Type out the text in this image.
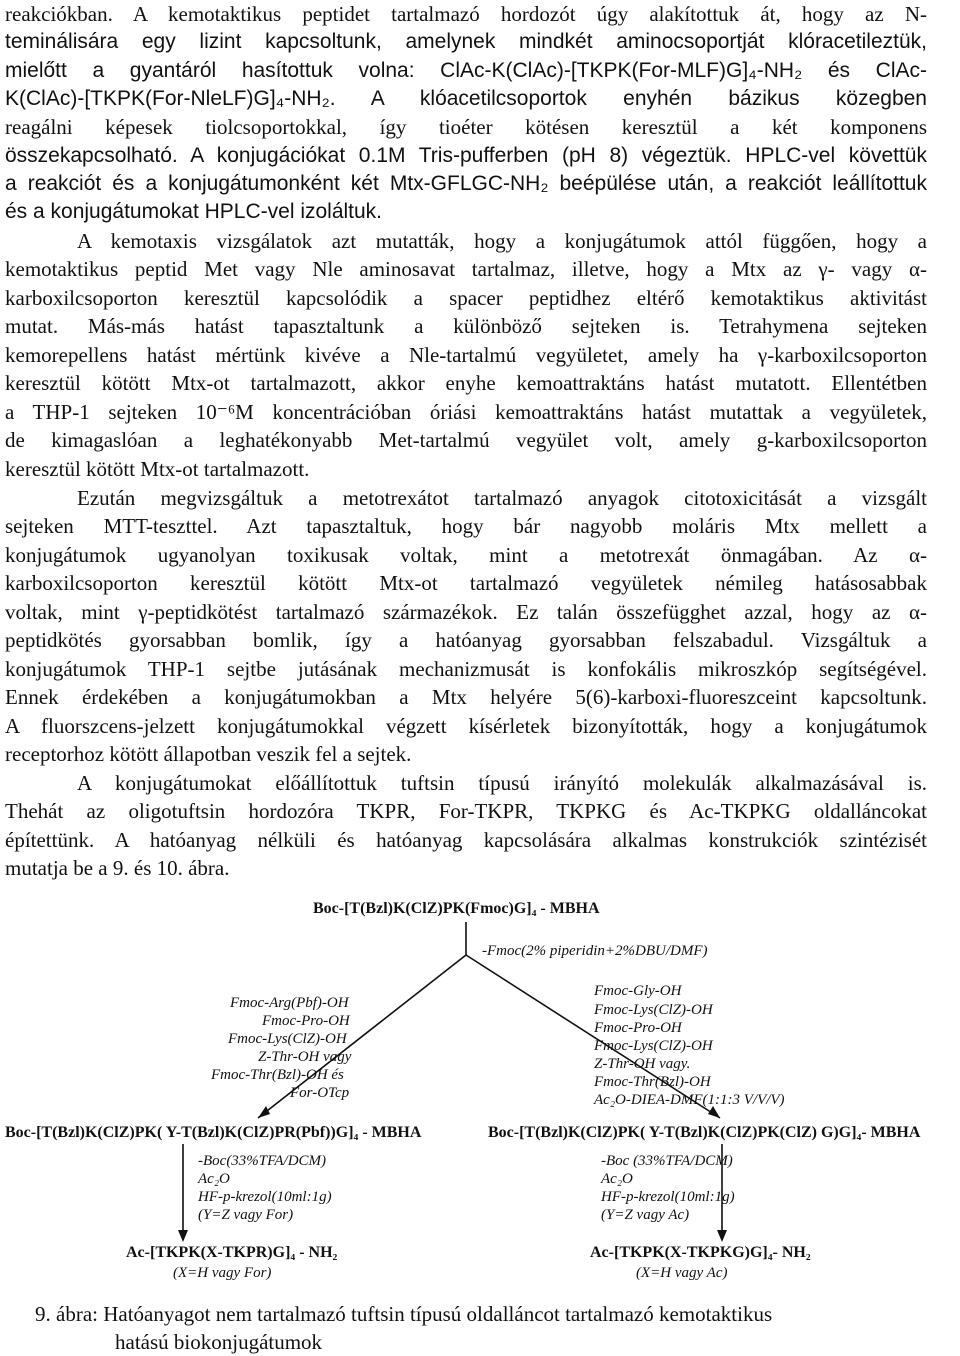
reakciókban. A kemotaktikus peptidet tartalmazó hordozót úgy alakítottuk át, hogy az N-
teminálisára egy lizint kapcsoltunk, amelynek mindkét aminocsoportját klóracetileztük,
mielőtt a gyantáról hasítottuk volna: ClAc-K(ClAc)-[TKPK(For-MLF)G]₄-NH₂ és ClAc-
K(ClAc)-[TKPK(For-NleLF)G]₄-NH₂. A klóacetilcsoportok enyhén bázikus közegben
reagálni képesek tiolcsoportokkal, így tioéter kötésen keresztül a két komponens
összekapcsolható. A konjugációkat 0.1M Tris-pufferben (pH 8) végeztük. HPLC-vel követtük
a reakciót és a konjugátumonként két Mtx-GFLGC-NH₂ beépülése után, a reakciót leállítottuk
és a konjugátumokat HPLC-vel izoláltuk.
A kemotaxis vizsgálatok azt mutatták, hogy a konjugátumok attól függően, hogy a
kemotaktikus peptid Met vagy Nle aminosavat tartalmaz, illetve, hogy a Mtx az γ- vagy α-
karboxilcsoporton keresztül kapcsolódik a spacer peptidhez eltérő kemotaktikus aktivitást
mutat. Más-más hatást tapasztaltunk a különböző sejteken is. Tetrahymena sejteken
kemorepellens hatást mértünk kivéve a Nle-tartalmú vegyületet, amely ha γ-karboxilcsoporton
keresztül kötött Mtx-ot tartalmazott, akkor enyhe kemoattraktáns hatást mutatott. Ellentétben
a THP-1 sejteken 10⁻⁶M koncentrációban óriási kemoattraktáns hatást mutattak a vegyületek,
de kimagaslóan a leghatékonyabb Met-tartalmú vegyület volt, amely g-karboxilcsoporton
keresztül kötött Mtx-ot tartalmazott.
Ezután megvizsgáltuk a metotrexátot tartalmazó anyagok citotoxicitását a vizsgált
sejteken MTT-teszttel. Azt tapasztaltuk, hogy bár nagyobb moláris Mtx mellett a
konjugátumok ugyanolyan toxikusak voltak, mint a metotrexát önmagában. Az α-
karboxilcsoporton keresztül kötött Mtx-ot tartalmazó vegyületek némileg hatásosabbak
voltak, mint γ-peptidkötést tartalmazó származékok. Ez talán összefügghet azzal, hogy az α-
peptidkötés gyorsabban bomlik, így a hatóanyag gyorsabban felszabadul. Vizsgáltuk a
konjugátumok THP-1 sejtbe jutásának mechanizmusát is konfokális mikroszkóp segítségével.
Ennek érdekében a konjugátumokban a Mtx helyére 5(6)-karboxi-fluoreszceint kapcsoltunk.
A fluorszcens-jelzett konjugátumokkal végzett kísérletek bizonyították, hogy a konjugátumok
receptorhoz kötött állapotban veszik fel a sejtek.
A konjugátumokat előállítottuk tuftsin típusú irányító molekulák alkalmazásával is.
Thehát az oligotuftsin hordozóra TKPR, For-TKPR, TKPKG és Ac-TKPKG oldalláncokat
építettünk. A hatóanyag nélküli és hatóanyag kapcsolására alkalmas konstrukciók szintézisét
mutatja be a 9. és 10. ábra.
Boc-[T(Bzl)K(ClZ)PK(Fmoc)G]₄ - MBHA
-Fmoc(2% piperidin+2%DBU/DMF)
Fmoc-Arg(Pbf)-OH
Fmoc-Pro-OH
Fmoc-Lys(ClZ)-OH
Z-Thr-OH vagy
Fmoc-Thr(Bzl)-OH és
For-OTcp
Fmoc-Gly-OH
Fmoc-Lys(ClZ)-OH
Fmoc-Pro-OH
Fmoc-Lys(ClZ)-OH
Z-Thr-OH vagy.
Fmoc-Thr(Bzl)-OH
Ac₂O-DIEA-DMF(1:1:3 V/V/V)
Boc-[T(Bzl)K(ClZ)PK( Y-T(Bzl)K(ClZ)PR(Pbf))G]₄ - MBHA	Boc-[T(Bzl)K(ClZ)PK( Y-T(Bzl)K(ClZ)PK(ClZ) G)G]₄- MBHA
-Boc(33%TFA/DCM)
Ac₂O
HF-p-krezol(10ml:1g)
(Y=Z vagy For)
-Boc (33%TFA/DCM)
Ac₂O
HF-p-krezol(10ml:1g)
(Y=Z vagy Ac)
Ac-[TKPK(X-TKPR)G]₄ - NH₂
(X=H vagy For)
Ac-[TKPK(X-TKPKG)G]₄- NH₂
(X=H vagy Ac)
9. ábra: Hatóanyagot nem tartalmazó tuftsin típusú oldalláncot tartalmazó kemotaktikus
hatású biokonjugátumok
